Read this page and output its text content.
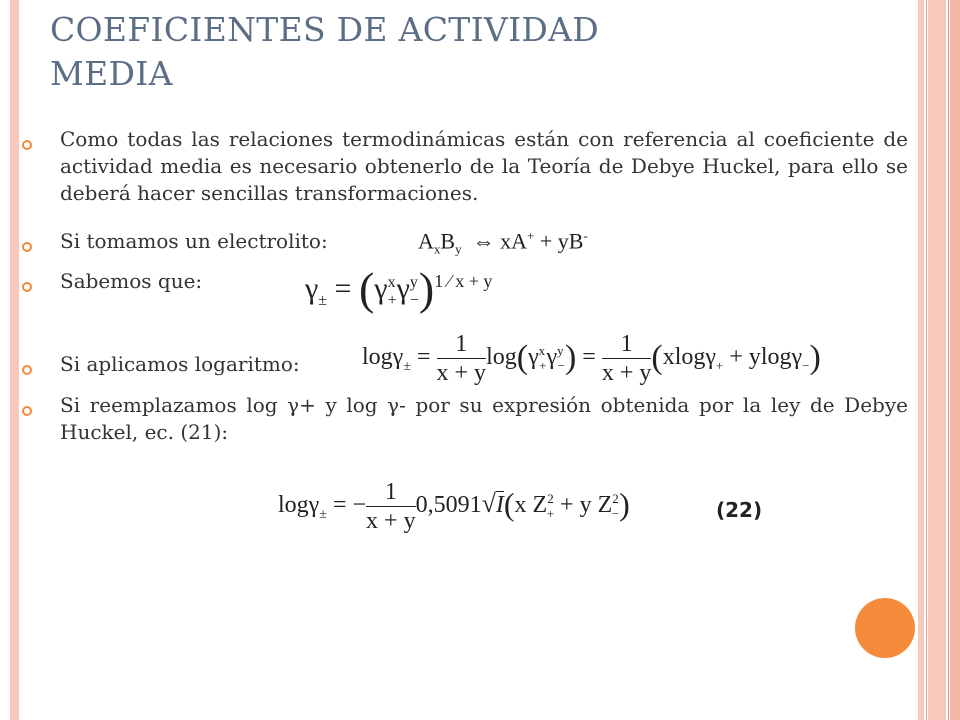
COEFICIENTES DE ACTIVIDAD
MEDIA
Como todas las relaciones termodinámicas están con referencia al coeficiente de actividad media es necesario obtenerlo de la Teoría de Debye Huckel, para ello se deberá hacer sencillas transformaciones.
Si tomamos un electrolito:
Sabemos que:
Si aplicamos logaritmo:
Si reemplazamos log γ+ y log γ- por su expresión obtenida por la ley de Debye Huckel, ec. (21):
$A_xB_y$  ⇔ xA+ + yB-
$\gamma_\pm = (\gamma^x_+\gamma^y_-)^{1 ⁄ x + y}$
$\log\gamma_\pm = \frac{1}{x + y} \log(\gamma^x_+\gamma^y_-) = \frac{1}{x + y} (xlog\gamma_+ + ylog\gamma_-)$
logγ$_\pm$ = − $\frac{1}{x + y} 0,5091√I(x$ $Z^2_+ + y$ $Z^2_-$)	(22)
